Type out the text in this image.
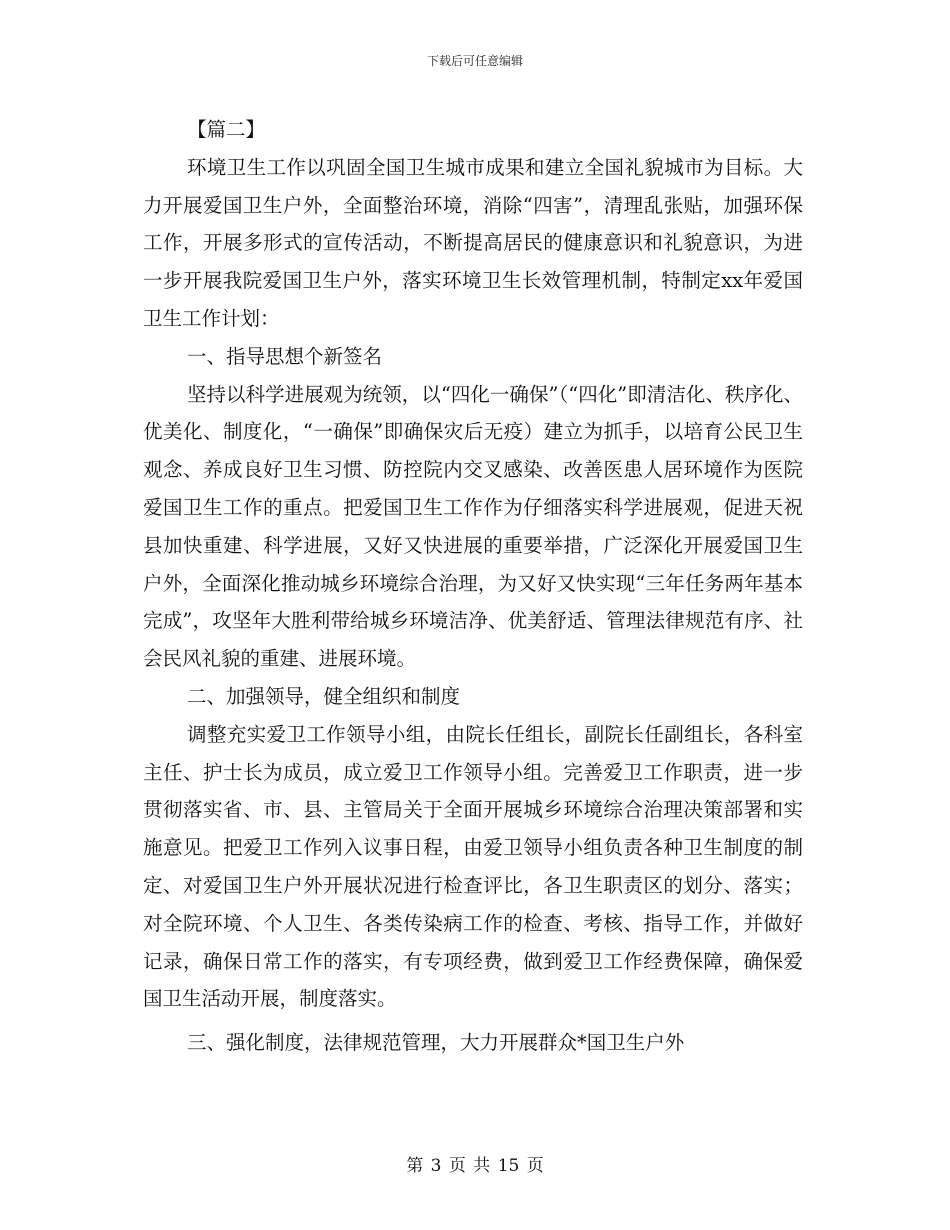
下载后可任意编辑

【篇二】

环境卫生工作以巩固全国卫生城市成果和建立全国礼貌城市为目标。大力开展爱国卫生户外，全面整治环境，消除“四害”，清理乱张贴，加强环保工作，开展多形式的宣传活动，不断提高居民的健康意识和礼貌意识，为进一步开展我院爱国卫生户外，落实环境卫生长效管理机制，特制定xx年爱国卫生工作计划：

一、指导思想个新签名

坚持以科学进展观为统领，以“四化一确保”（“四化”即清洁化、秩序化、优美化、制度化，“一确保”即确保灾后无疫）建立为抓手，以培育公民卫生观念、养成良好卫生习惯、防控院内交叉感染、改善医患人居环境作为医院爱国卫生工作的重点。把爱国卫生工作作为仔细落实科学进展观，促进天祝县加快重建、科学进展，又好又快进展的重要举措，广泛深化开展爱国卫生户外，全面深化推动城乡环境综合治理，为又好又快实现“三年任务两年基本完成”，攻坚年大胜利带给城乡环境洁净、优美舒适、管理法律规范有序、社会民风礼貌的重建、进展环境。

二、加强领导，健全组织和制度

调整充实爱卫工作领导小组，由院长任组长，副院长任副组长，各科室主任、护士长为成员，成立爱卫工作领导小组。完善爱卫工作职责，进一步贯彻落实省、市、县、主管局关于全面开展城乡环境综合治理决策部署和实施意见。把爱卫工作列入议事日程，由爱卫领导小组负责各种卫生制度的制定、对爱国卫生户外开展状况进行检查评比，各卫生职责区的划分、落实；对全院环境、个人卫生、各类传染病工作的检查、考核、指导工作，并做好记录，确保日常工作的落实，有专项经费，做到爱卫工作经费保障，确保爱国卫生活动开展，制度落实。

三、强化制度，法律规范管理，大力开展群众*国卫生户外

第 3 页 共 15 页
